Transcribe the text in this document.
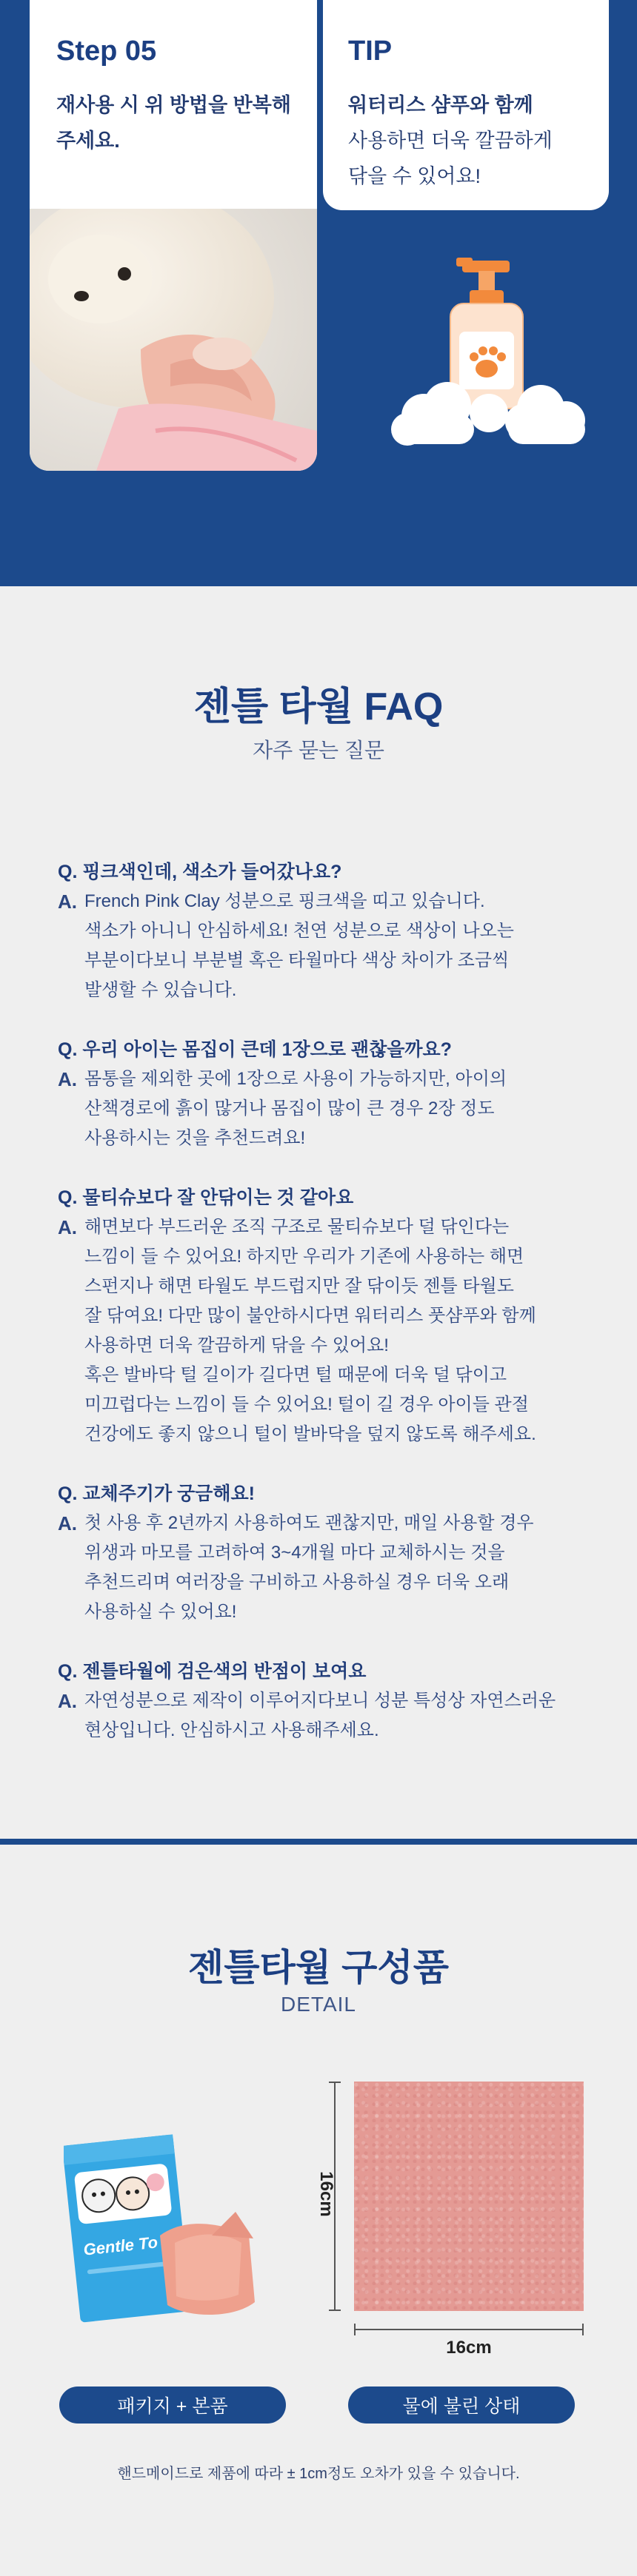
Step 05
재사용 시 위 방법을 반복해
주세요.
TIP
워터리스 샴푸와 함께
사용하면 더욱 깔끔하게
닦을 수 있어요!
젠틀 타월 FAQ
자주 묻는 질문
Q. 핑크색인데, 색소가 들어갔나요?
A. French Pink Clay 성분으로 핑크색을 띠고 있습니다.
색소가 아니니 안심하세요! 천연 성분으로 색상이 나오는
부분이다보니 부분별 혹은 타월마다 색상 차이가 조금씩
발생할 수 있습니다.
Q. 우리 아이는 몸집이 큰데 1장으로 괜찮을까요?
A. 몸통을 제외한 곳에 1장으로 사용이 가능하지만, 아이의
산책경로에 흙이 많거나 몸집이 많이 큰 경우 2장 정도
사용하시는 것을 추천드려요!
Q. 물티슈보다 잘 안닦이는 것 같아요
A. 해면보다 부드러운 조직 구조로 물티슈보다 덜 닦인다는
느낌이 들 수 있어요! 하지만 우리가 기존에 사용하는 해면
스펀지나 해면 타월도 부드럽지만 잘 닦이듯 젠틀 타월도
잘 닦여요! 다만 많이 불안하시다면 워터리스 풋샴푸와 함께
사용하면 더욱 깔끔하게 닦을 수 있어요!
혹은 발바닥 털 길이가 길다면 털 때문에 더욱 덜 닦이고
미끄럽다는 느낌이 들 수 있어요! 털이 길 경우 아이들 관절
건강에도 좋지 않으니 털이 발바닥을 덮지 않도록 해주세요.
Q. 교체주기가 궁금해요!
A. 첫 사용 후 2년까지 사용하여도 괜찮지만, 매일 사용할 경우
위생과 마모를 고려하여 3~4개월 마다 교체하시는 것을
추천드리며 여러장을 구비하고 사용하실 경우 더욱 오래
사용하실 수 있어요!
Q. 젠틀타월에 검은색의 반점이 보여요
A. 자연성분으로 제작이 이루어지다보니 성분 특성상 자연스러운
현상입니다. 안심하시고 사용해주세요.
젠틀타월 구성품
DETAIL
Gentle To
16cm
16cm
패키지 + 본품	물에 불린 상태
핸드메이드로 제품에 따라 ± 1cm정도 오차가 있을 수 있습니다.
